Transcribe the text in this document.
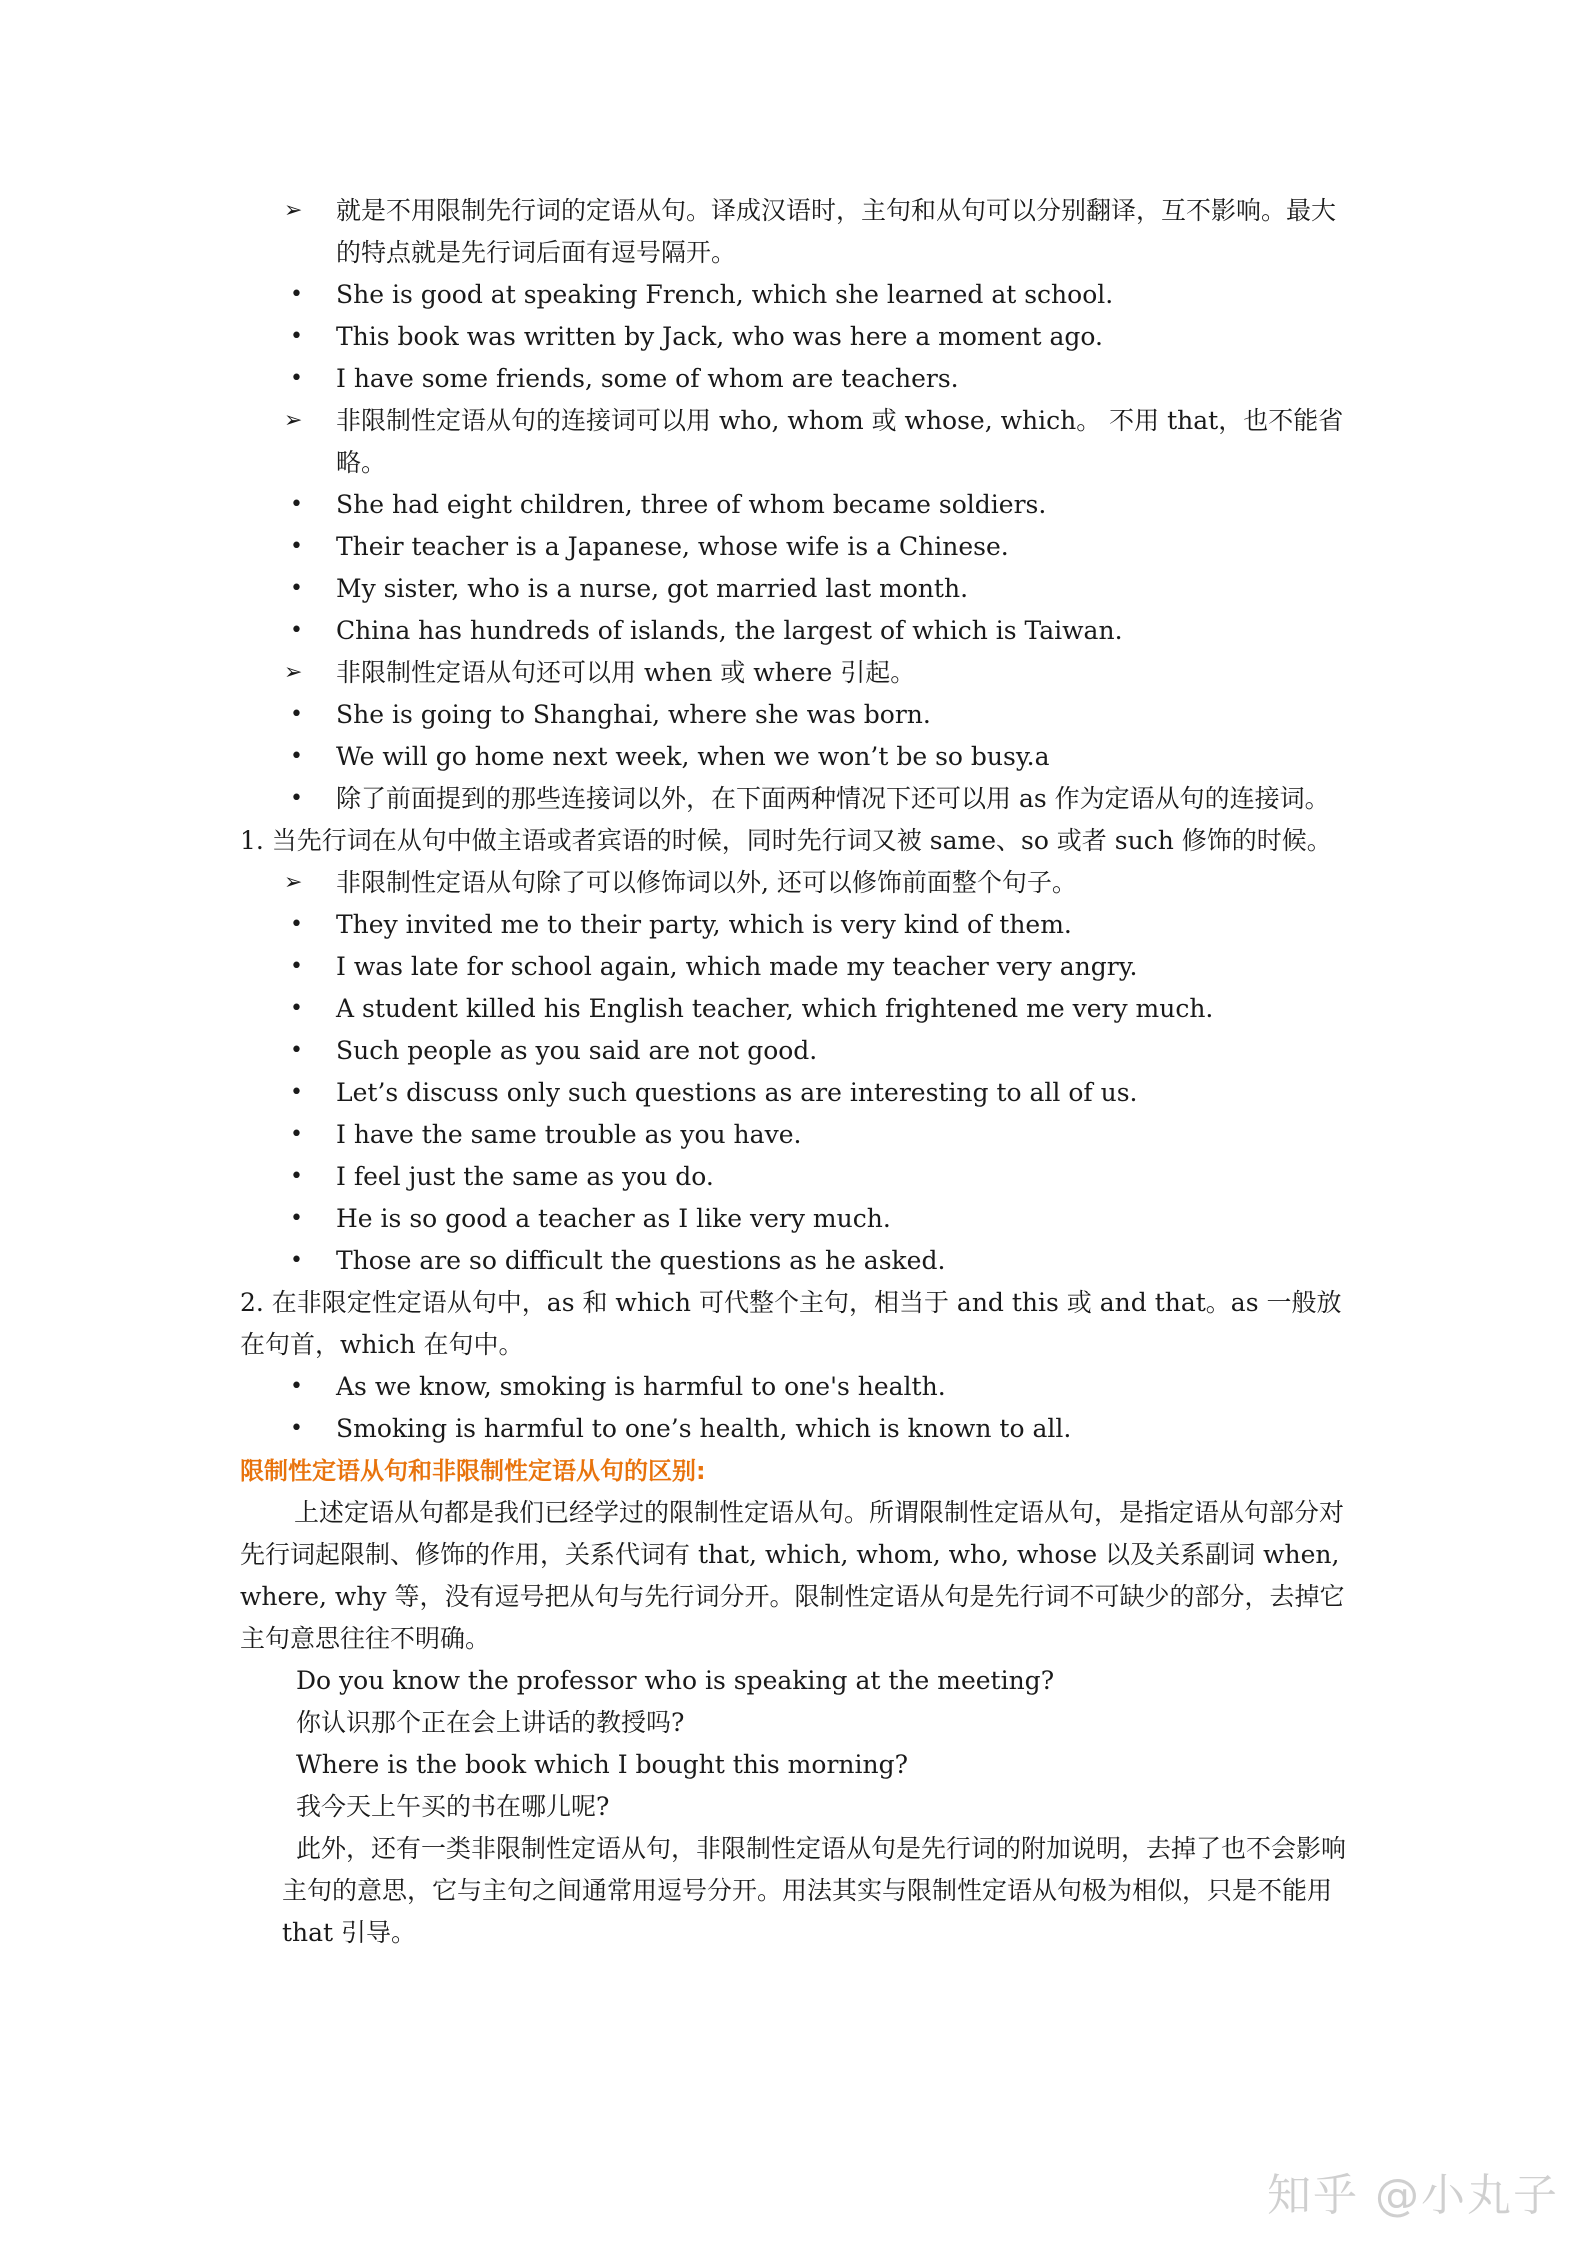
➢	就是不用限制先行词的定语从句。译成汉语时，主句和从句可以分别翻译，互不影响。最大的特点就是先行词后面有逗号隔开。
•	She is good at speaking French, which she learned at school.
•	This book was written by Jack, who was here a moment ago.
•	I have some friends, some of whom are teachers.
➢	非限制性定语从句的连接词可以用 who, whom 或 whose, which。 不用 that，也不能省略。
•	She had eight children, three of whom became soldiers.
•	Their teacher is a Japanese, whose wife is a Chinese.
•	My sister, who is a nurse, got married last month.
•	China has hundreds of islands, the largest of which is Taiwan.
➢	非限制性定语从句还可以用 when 或 where 引起。
•	She is going to Shanghai, where she was born.
•	We will go home next week, when we won’t be so busy.a
•	除了前面提到的那些连接词以外，在下面两种情况下还可以用 as 作为定语从句的连接词。
1. 当先行词在从句中做主语或者宾语的时候，同时先行词又被 same、so 或者 such 修饰的时候。
➢	非限制性定语从句除了可以修饰词以外, 还可以修饰前面整个句子。
•	They invited me to their party, which is very kind of them.
•	I was late for school again, which made my teacher very angry.
•	A student killed his English teacher, which frightened me very much.
•	Such people as you said are not good.
•	Let’s discuss only such questions as are interesting to all of us.
•	I have the same trouble as you have.
•	I feel just the same as you do.
•	He is so good a teacher as I like very much.
•	Those are so difficult the questions as he asked.
2. 在非限定性定语从句中，as 和 which 可代整个主句，相当于 and this 或 and that。as 一般放在句首，which 在句中。
•	As we know, smoking is harmful to one's health.
•	Smoking is harmful to one’s health, which is known to all.
限制性定语从句和非限制性定语从句的区别:
上述定语从句都是我们已经学过的限制性定语从句。所谓限制性定语从句，是指定语从句部分对先行词起限制、修饰的作用，关系代词有 that, which, whom, who, whose 以及关系副词 when, where, why 等，没有逗号把从句与先行词分开。限制性定语从句是先行词不可缺少的部分，去掉它主句意思往往不明确。
Do you know the professor who is speaking at the meeting?
你认识那个正在会上讲话的教授吗?
Where is the book which I bought this morning?
我今天上午买的书在哪儿呢?
此外，还有一类非限制性定语从句，非限制性定语从句是先行词的附加说明，去掉了也不会影响主句的意思，它与主句之间通常用逗号分开。用法其实与限制性定语从句极为相似，只是不能用 that 引导。
知乎 @小丸子
